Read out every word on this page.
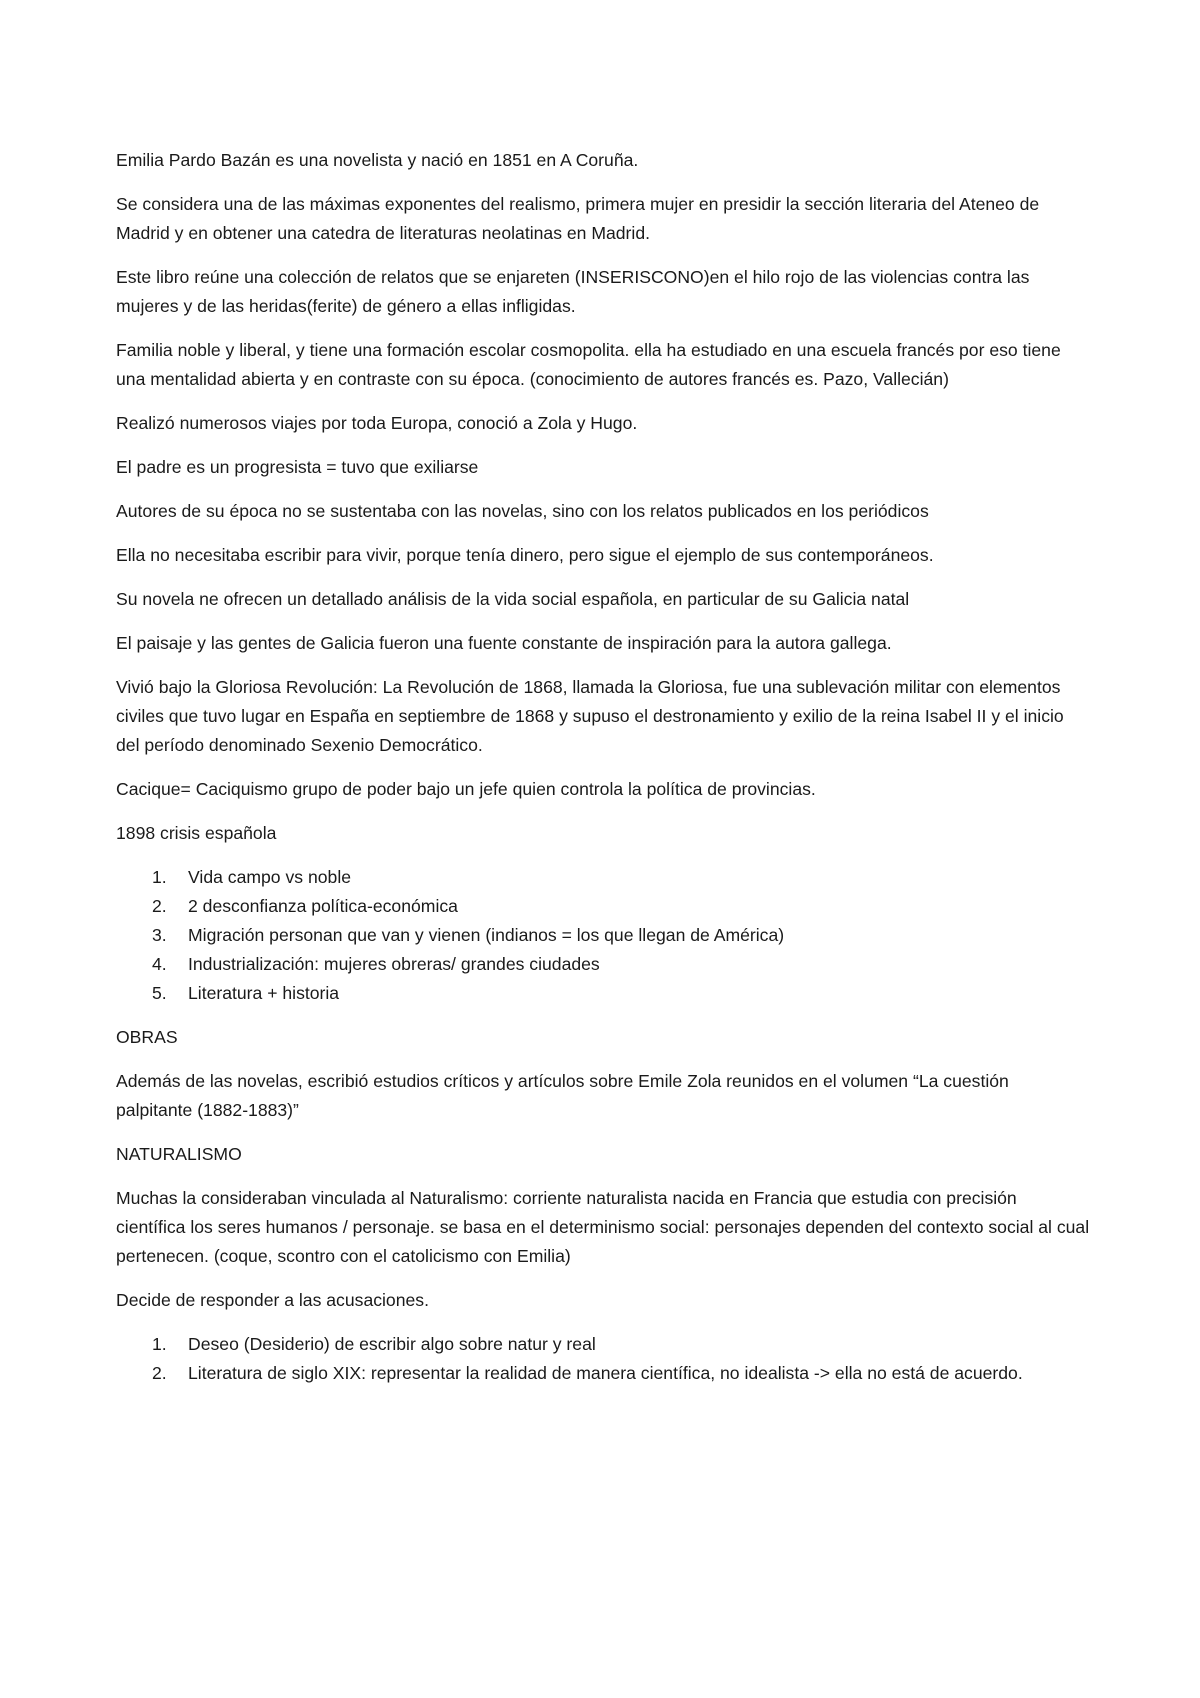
Emilia Pardo Bazán es una novelista y nació en 1851 en A Coruña.

Se considera una de las máximas exponentes del realismo, primera mujer en presidir la sección literaria del Ateneo de Madrid y en obtener una catedra de literaturas neolatinas en Madrid.

Este libro reúne una colección de relatos que se enjareten (INSERISCONO)en el hilo rojo de las violencias contra las mujeres y de las heridas(ferite) de género a ellas infligidas.

Familia noble y liberal, y tiene una formación escolar cosmopolita. ella ha estudiado en una escuela francés por eso tiene una mentalidad abierta y en contraste con su época. (conocimiento de autores francés es. Pazo, Vallecián)

Realizó numerosos viajes por toda Europa, conoció a Zola y Hugo.

El padre es un progresista = tuvo que exiliarse

Autores de su época no se sustentaba con las novelas, sino con los relatos publicados en los periódicos

Ella no necesitaba escribir para vivir, porque tenía dinero, pero sigue el ejemplo de sus contemporáneos.

Su novela ne ofrecen un detallado análisis de la vida social española, en particular de su Galicia natal

El paisaje y las gentes de Galicia fueron una fuente constante de inspiración para la autora gallega.

Vivió bajo la Gloriosa Revolución: La Revolución de 1868, llamada la Gloriosa, fue una sublevación militar con elementos civiles que tuvo lugar en España en septiembre de 1868 y supuso el destronamiento y exilio de la reina Isabel II y el inicio del período denominado Sexenio Democrático.

Cacique= Caciquismo grupo de poder bajo un jefe quien controla la política de provincias.

1898 crisis española

1.	Vida campo vs noble
2.	2 desconfianza política-económica
3.	Migración personan que van y vienen (indianos = los que llegan de América)
4.	Industrialización: mujeres obreras/ grandes ciudades
5.	Literatura + historia

OBRAS

Además de las novelas, escribió estudios críticos y artículos sobre Emile Zola reunidos en el volumen “La cuestión palpitante (1882-1883)”

NATURALISMO

Muchas la consideraban vinculada al Naturalismo: corriente naturalista nacida en Francia que estudia con precisión científica los seres humanos / personaje. se basa en el determinismo social: personajes dependen del contexto social al cual pertenecen. (coque, scontro con el catolicismo con Emilia)

Decide de responder a las acusaciones.

1.	Deseo (Desiderio) de escribir algo sobre natur y real
2.	Literatura de siglo XIX: representar la realidad de manera científica, no idealista -> ella no está de acuerdo.
